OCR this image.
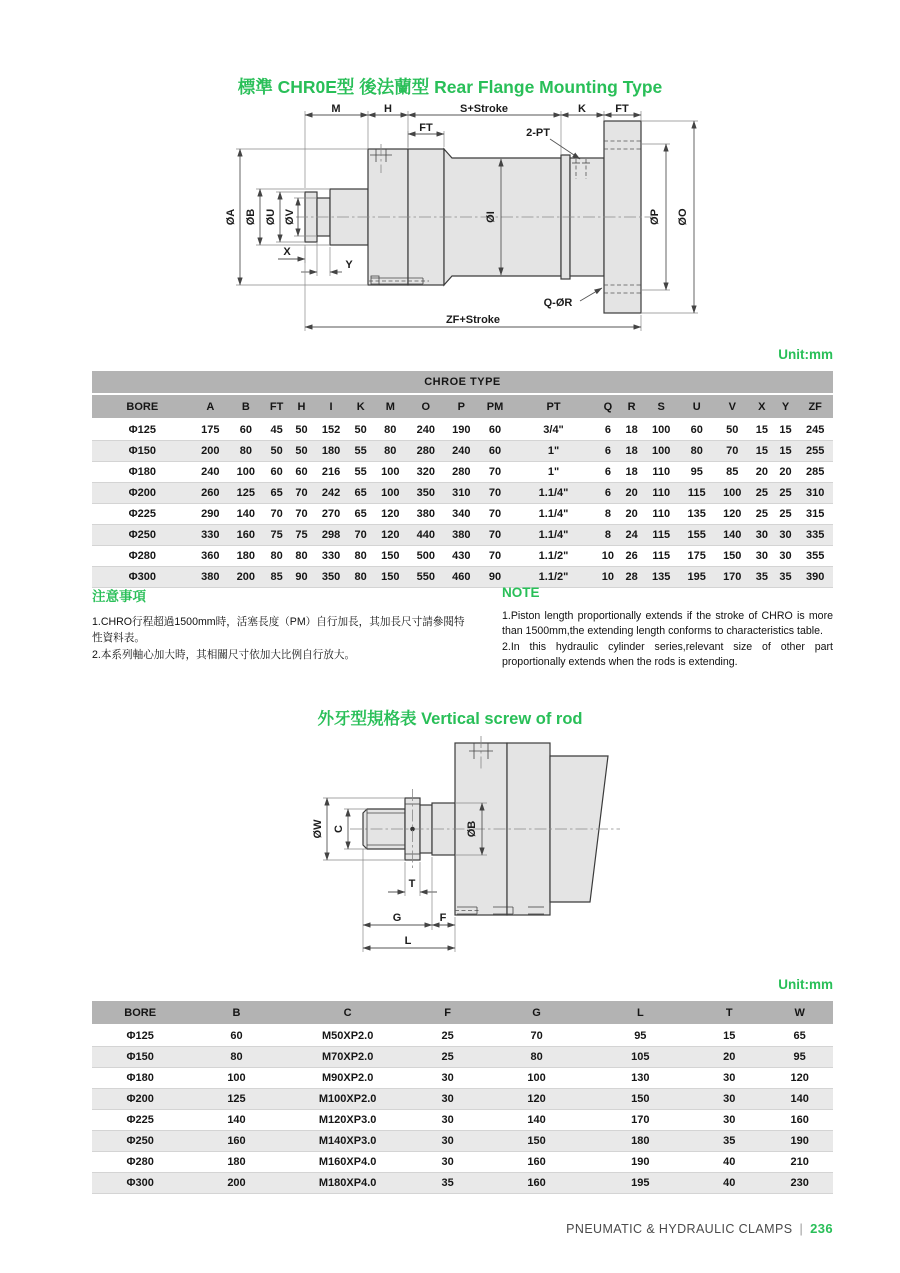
標準 CHR0E型 後法蘭型 Rear Flange Mounting Type
M	H	S+Stroke	K	FT
FT	2-PT
ØA ØB ØU ØV
X
Y
ØI	ØP ØO
Q-ØR
ZF+Stroke
Unit:mm
CHROE TYPE																			
BORE	A	B	FT	H	I	K	M	O	P	PM	PT	Q	R	S	U	V	X	Y	ZF
Φ125	175	60	45	50	152	50	80	240	190	60	3/4"	6	18	100	60	50	15	15	245
Φ150	200	80	50	50	180	55	80	280	240	60	1"	6	18	100	80	70	15	15	255
Φ180	240	100	60	60	216	55	100	320	280	70	1"	6	18	110	95	85	20	20	285
Φ200	260	125	65	70	242	65	100	350	310	70	1.1/4"	6	20	110	115	100	25	25	310
Φ225	290	140	70	70	270	65	120	380	340	70	1.1/4"	8	20	110	135	120	25	25	315
Φ250	330	160	75	75	298	70	120	440	380	70	1.1/4"	8	24	115	155	140	30	30	335
Φ280	360	180	80	80	330	80	150	500	430	70	1.1/2"	10	26	115	175	150	30	30	355
Φ300	380	200	85	90	350	80	150	550	460	90	1.1/2"	10	28	135	195	170	35	35	390
注意事項

1.CHRO行程超過1500mm時，活塞長度（PM）自行加長，其加長尺寸請參閱特性資料表。

2.本系列軸心加大時，其相關尺寸依加大比例自行放大。

NOTE

1.Piston length proportionally extends if the stroke of CHRO is more than 1500mm,the extending length conforms to characteristics table.

2.In this hydraulic cylinder series,relevant size of other part proportionally extends when the rods is extending.

外牙型規格表 Vertical screw of rod
ØW C	ØB
T
G	F
L
Unit:mm
BORE	B	C	F	G	L	T	W
Φ125	60	M50XP2.0	25	70	95	15	65
Φ150	80	M70XP2.0	25	80	105	20	95
Φ180	100	M90XP2.0	30	100	130	30	120
Φ200	125	M100XP2.0	30	120	150	30	140
Φ225	140	M120XP3.0	30	140	170	30	160
Φ250	160	M140XP3.0	30	150	180	35	190
Φ280	180	M160XP4.0	30	160	190	40	210
Φ300	200	M180XP4.0	35	160	195	40	230
PNEUMATIC & HYDRAULIC CLAMPS | 236
